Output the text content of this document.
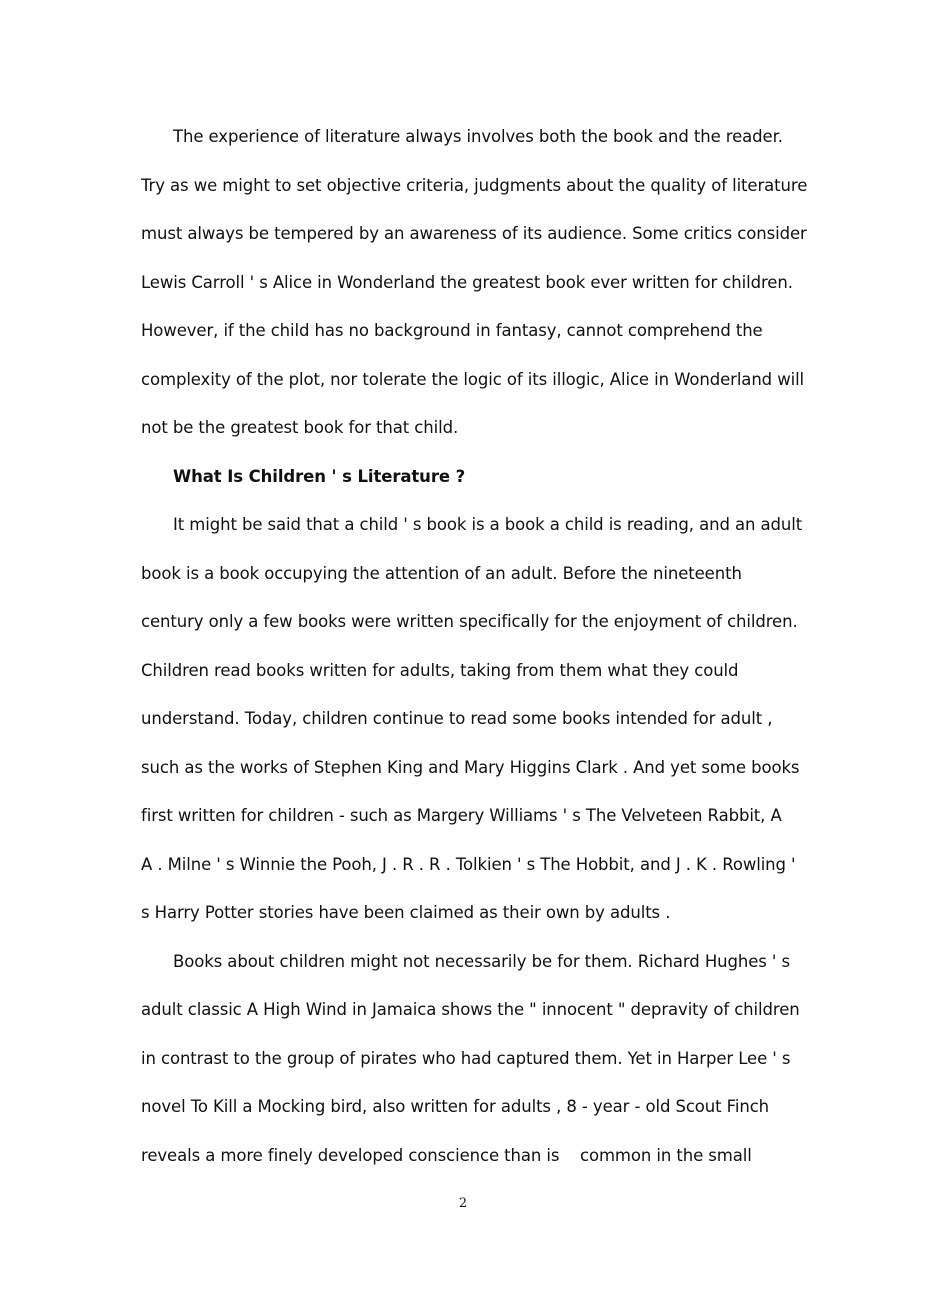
The experience of literature always involves both the book and the reader.
Try as we might to set objective criteria, judgments about the quality of literature
must always be tempered by an awareness of its audience. Some critics consider
Lewis Carroll ' s Alice in Wonderland the greatest book ever written for children.
However, if the child has no background in fantasy, cannot comprehend the
complexity of the plot, nor tolerate the logic of its illogic, Alice in Wonderland will
not be the greatest book for that child.
What Is Children ' s Literature ?
It might be said that a child ' s book is a book a child is reading, and an adult
book is a book occupying the attention of an adult. Before the nineteenth
century only a few books were written specifically for the enjoyment of children.
Children read books written for adults, taking from them what they could
understand. Today, children continue to read some books intended for adult ,
such as the works of Stephen King and Mary Higgins Clark . And yet some books
first written for children - such as Margery Williams ' s The Velveteen Rabbit, A
A . Milne ' s Winnie the Pooh, J . R . R . Tolkien ' s The Hobbit, and J . K . Rowling '
s Harry Potter stories have been claimed as their own by adults .
Books about children might not necessarily be for them. Richard Hughes ' s
adult classic A High Wind in Jamaica shows the " innocent " depravity of children
in contrast to the group of pirates who had captured them. Yet in Harper Lee ' s
novel To Kill a Mocking bird, also written for adults , 8 - year - old Scout Finch
reveals a more finely developed conscience than is    common in the small
2
